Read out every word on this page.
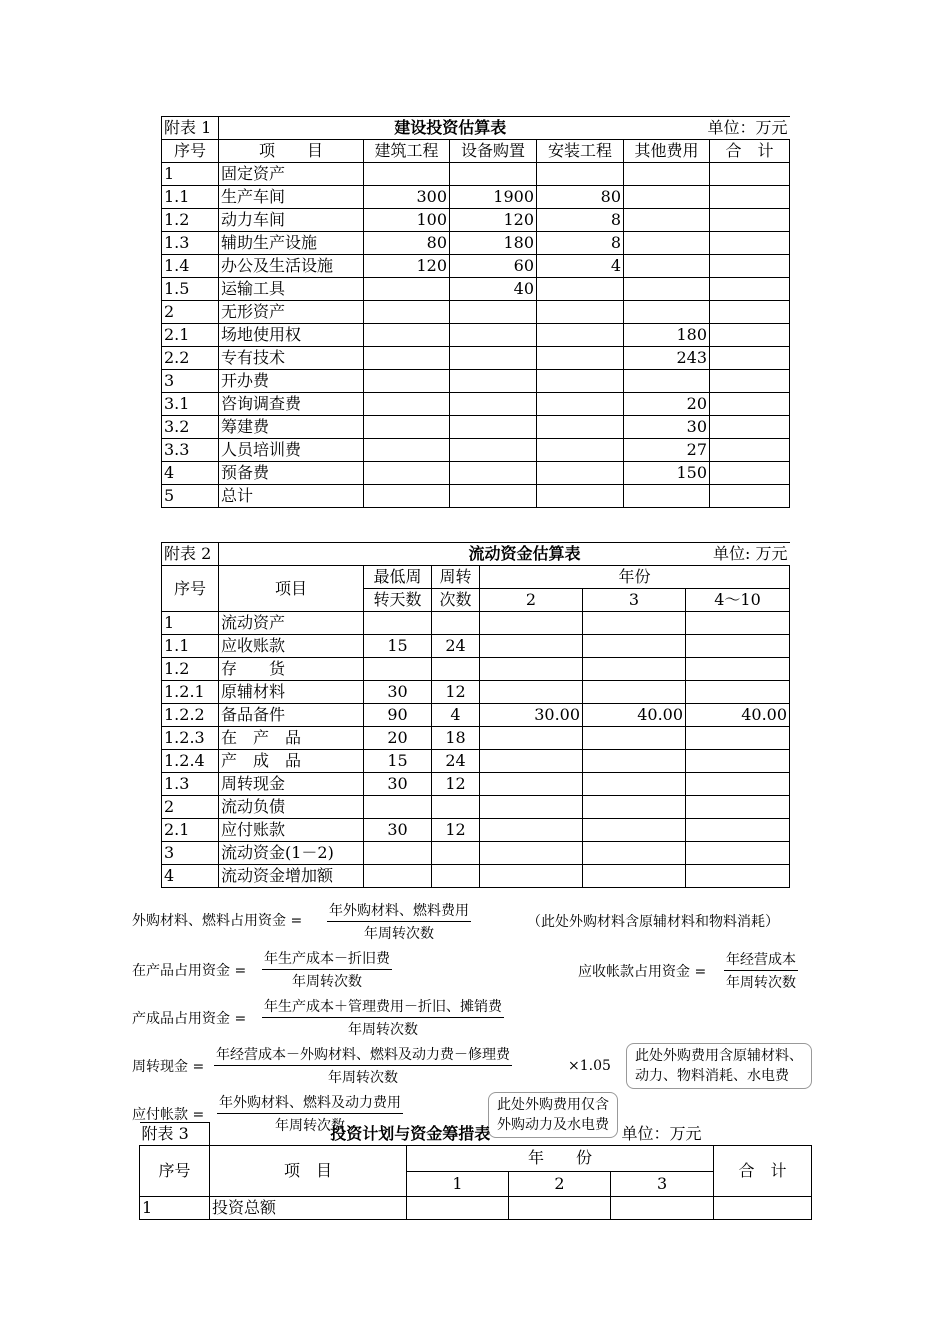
附表 1	建设投资估算表				单位：万元	
序号	项　　目	建筑工程	设备购置	安装工程	其他费用	合　计
1	固定资产					
1.1	生产车间	300	1900	80		
1.2	动力车间	100	120	8		
1.3	辅助生产设施	80	180	8		
1.4	办公及生活设施	120	60	4		
1.5	运输工具		40			
2	无形资产					
2.1	场地使用权				180	
2.2	专有技术				243	
3	开办费					
3.1	咨询调查费				20	
3.2	筹建费				30	
3.3	人员培训费				27	
4	预备费				150	
5	总计					
附表 2	流动资金估算表				单位: 万元	
序号	项目	最低周	周转	年份		
		转天数	次数	2	3	4～10
1	流动资产					
1.1	应收账款	15	24			
1.2	存　　货					
1.2.1	原辅材料	30	12			
1.2.2	备品备件	90	4	30.00	40.00	40.00
1.2.3	在　产　品	20	18			
1.2.4	产　成　品	15	24			
1.3	周转现金	30	12			
2	流动负债					
2.1	应付账款	30	12			
3	流动资金(1－2)					
4	流动资金增加额					
外购材料、燃料占用资金 =
年外购材料、燃料费用
年周转次数
（此处外购材料含原辅材料和物料消耗）
在产品占用资金 =
年生产成本－折旧费
年周转次数
应收帐款占用资金 =
年经营成本
年周转次数
产成品占用资金 =
年生产成本＋管理费用－折旧、摊销费
年周转次数
周转现金 =
年经营成本－外购材料、燃料及动力费－修理费
年周转次数
×1.05
此处外购费用含原辅材料、
动力、物料消耗、水电费
应付帐款 =
年外购材料、燃料及动力费用
年周转次数
此处外购费用仅含
外购动力及水电费
附表 3	投资计划与资金筹措表			单位：万元	
序号	项　目	年　　份			合　计
		1	2	3	
1	投资总额				
